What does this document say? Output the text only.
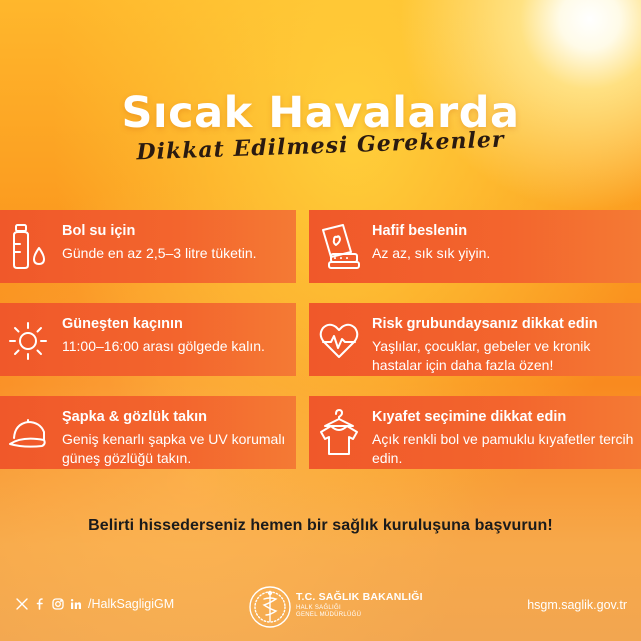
Sıcak Havalarda
Dikkat Edilmesi Gerekenler
Bol su için
Günde en az 2,5–3 litre tüketin.
Hafif beslenin
Az az, sık sık yiyin.
Güneşten kaçının
11:00–16:00 arası gölgede kalın.
Risk grubundaysanız dikkat edin
Yaşlılar, çocuklar, gebeler ve kronik hastalar için daha fazla özen!
Şapka & gözlük takın
Geniş kenarlı şapka ve UV korumalı güneş gözlüğü takın.
Kıyafet seçimine dikkat edin
Açık renkli bol ve pamuklu kıyafetler tercih edin.
Belirti hissederseniz hemen bir sağlık kuruluşuna başvurun!
/HalkSagligiGM	T.C. SAĞLIK BAKANLIĞI
HALK SAĞLIĞI
GENEL MÜDÜRLÜĞÜ
hsgm.saglik.gov.tr
